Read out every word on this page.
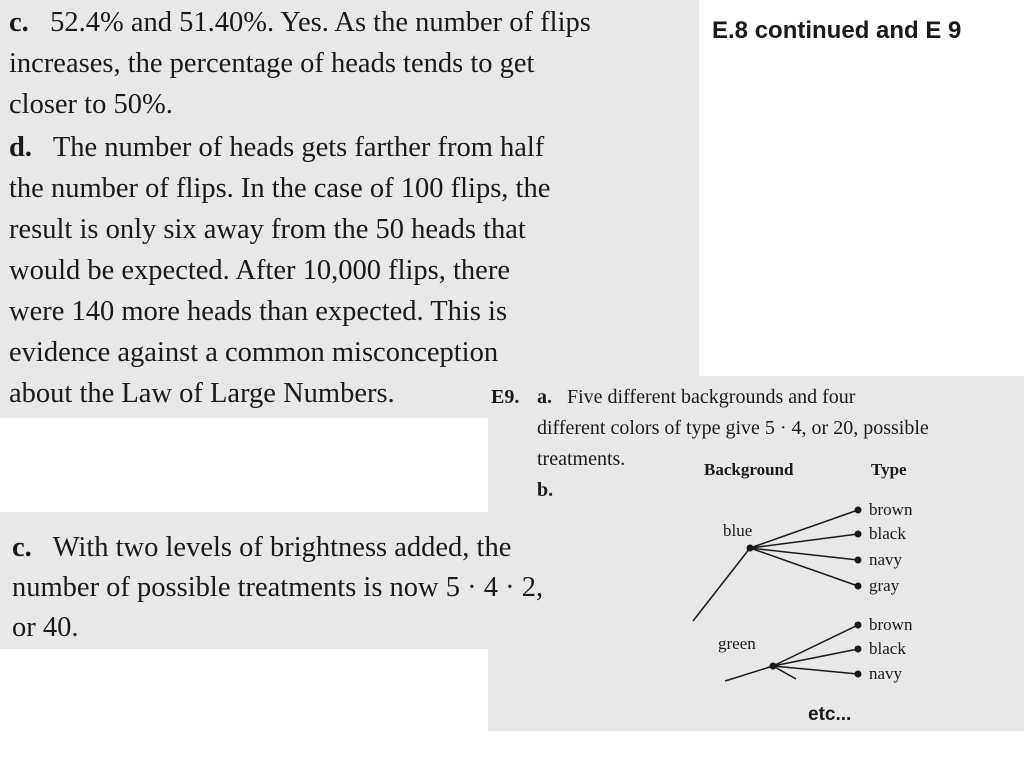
E.8 continued and E 9

c. 52.4% and 51.40%. Yes. As the number of flips

increases, the percentage of heads tends to get

closer to 50%.

d. The number of heads gets farther from half

the number of flips. In the case of 100 flips, the

result is only six away from the 50 heads that

would be expected. After 10,000 flips, there

were 140 more heads than expected. This is

evidence against a common misconception

about the Law of Large Numbers.	E9. a. Five different backgrounds and four

different colors of type give 5 · 4, or 20, possible

treatments.

b.

Background	Type
blue
brown
black
navy
gray
green
brown
black
navy
etc...

c. With two levels of brightness added, the

number of possible treatments is now 5 · 4 · 2,

or 40.
